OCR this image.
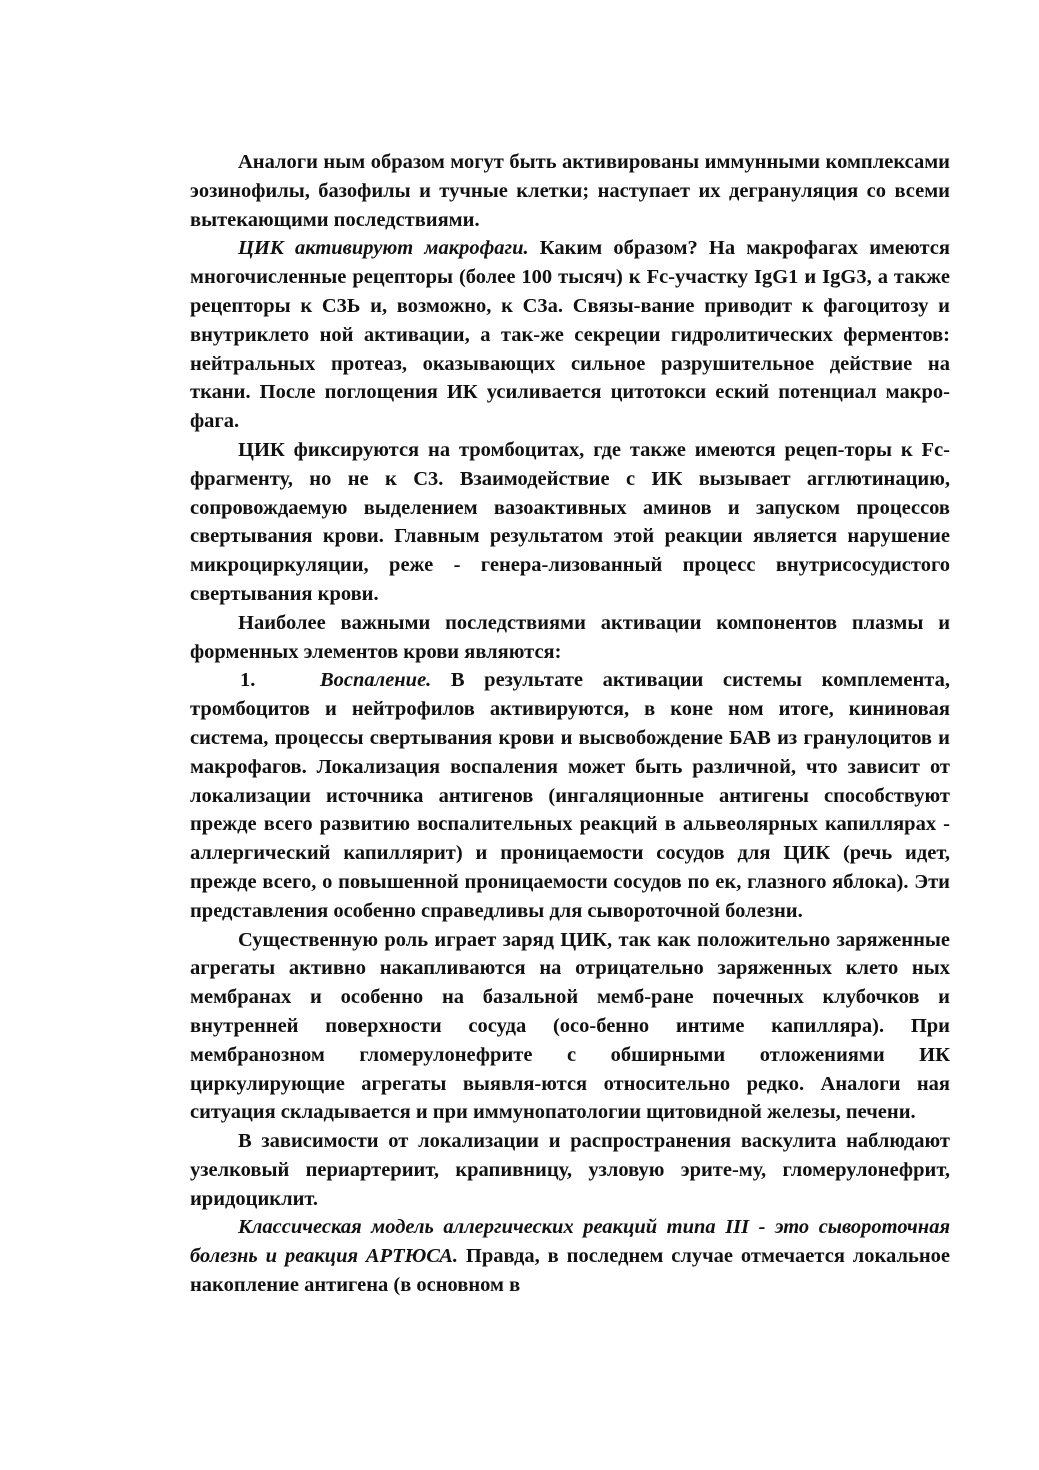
Аналоги ным образом могут быть активированы иммунными комплексами эозинофилы, базофилы и тучные клетки; наступает их дегрануляция со всеми вытекающими последствиями.

ЦИК активируют макрофаги. Каким образом? На макрофагах имеются многочисленные рецепторы (более 100 тысяч) к Fc-участку IgG1 и IgG3, а также рецепторы к С3Ь и, возможно, к С3а. Связы-вание приводит к фагоцитозу и внутриклето ной активации, а так-же секреции гидролитических ферментов: нейтральных протеаз, оказывающих сильное разрушительное действие на ткани. После поглощения ИК усиливается цитотокси еский потенциал макро-фага.

ЦИК фиксируются на тромбоцитах, где также имеются рецеп-торы к Fc-фрагменту, но не к С3. Взаимодействие с ИК вызывает агглютинацию, сопровождаемую выделением вазоактивных аминов и запуском процессов свертывания крови. Главным результатом этой реакции является нарушение микроциркуляции, реже - генера-лизованный процесс внутрисосудистого свертывания крови.

Наиболее важными последствиями активации компонентов плазмы и форменных элементов крови являются:

1.	Воспаление. В результате активации системы комплемента, тромбоцитов и нейтрофилов активируются, в коне ном итоге, кининовая система, процессы свертывания крови и высвобождение БАВ из гранулоцитов и макрофагов. Локализация воспаления может быть различной, что зависит от локализации источника антигенов (ингаляционные антигены способствуют прежде всего развитию воспалительных реакций в альвеолярных капиллярах - аллергический капиллярит) и проницаемости сосудов для ЦИК (речь идет, прежде всего, о повышенной проницаемости сосудов по ек, глазного яблока). Эти представления особенно справедливы для сывороточной болезни.

Существенную роль играет заряд ЦИК, так как положительно заряженные агрегаты активно накапливаются на отрицательно заряженных клето ных мембранах и особенно на базальной мемб-ране почечных клубочков и внутренней поверхности сосуда (осо-бенно интиме капилляра). При мембранозном гломерулонефрите с обширными отложениями ИК циркулирующие агрегаты выявля-ются относительно редко. Аналоги ная ситуация складывается и при иммунопатологии щитовидной железы, печени.

В зависимости от локализации и распространения васкулита наблюдают узелковый периартериит, крапивницу, узловую эрите-му, гломерулонефрит, иридоциклит.

Классическая модель аллергических реакций типа III - это сывороточная болезнь и реакция АРТЮСА. Правда, в последнем случае отмечается локальное накопление антигена (в основном в
